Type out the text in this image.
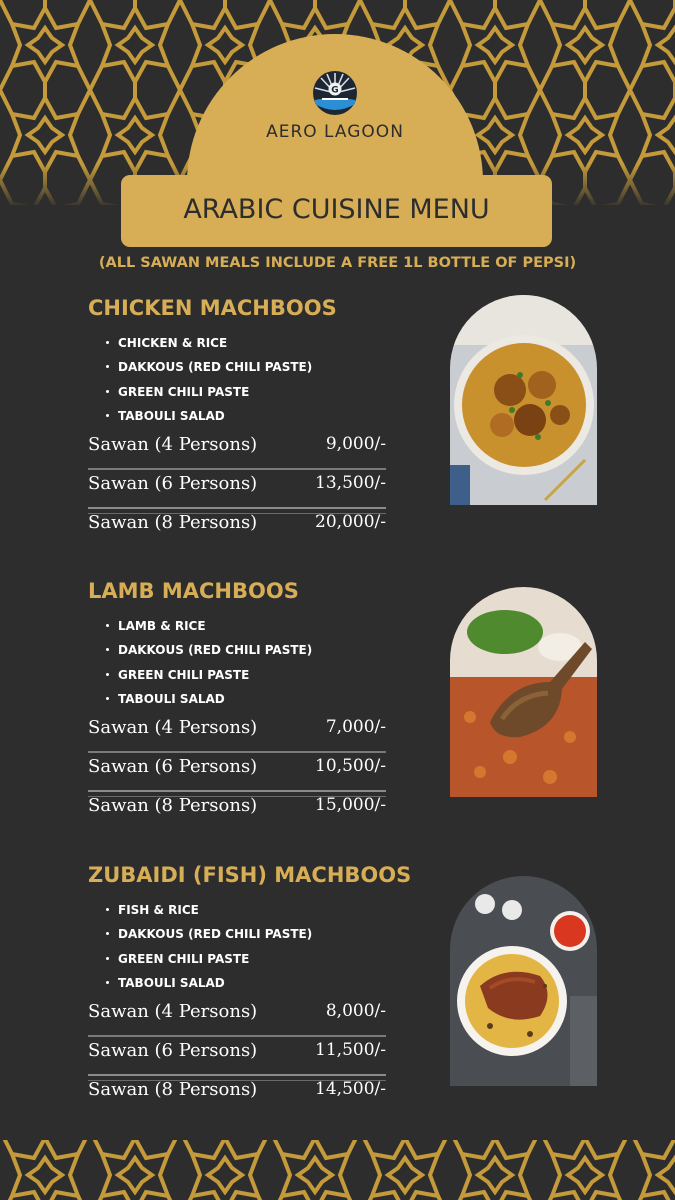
G
AERO LAGOON
ARABIC CUISINE MENU
(ALL SAWAN MEALS INCLUDE A FREE 1L BOTTLE OF PEPSI)
CHICKEN MACHBOOS
CHICKEN & RICE
DAKKOUS (RED CHILI PASTE)
GREEN CHILI PASTE
TABOULI SALAD
Sawan (4 Persons)	9,000/-
Sawan (6 Persons)	13,500/-
Sawan (8 Persons)	20,000/-
LAMB MACHBOOS
LAMB & RICE
DAKKOUS (RED CHILI PASTE)
GREEN CHILI PASTE
TABOULI SALAD
Sawan (4 Persons)	7,000/-
Sawan (6 Persons)	10,500/-
Sawan (8 Persons)	15,000/-
ZUBAIDI (FISH) MACHBOOS
FISH & RICE
DAKKOUS (RED CHILI PASTE)
GREEN CHILI PASTE
TABOULI SALAD
Sawan (4 Persons)	8,000/-
Sawan (6 Persons)	11,500/-
Sawan (8 Persons)	14,500/-
